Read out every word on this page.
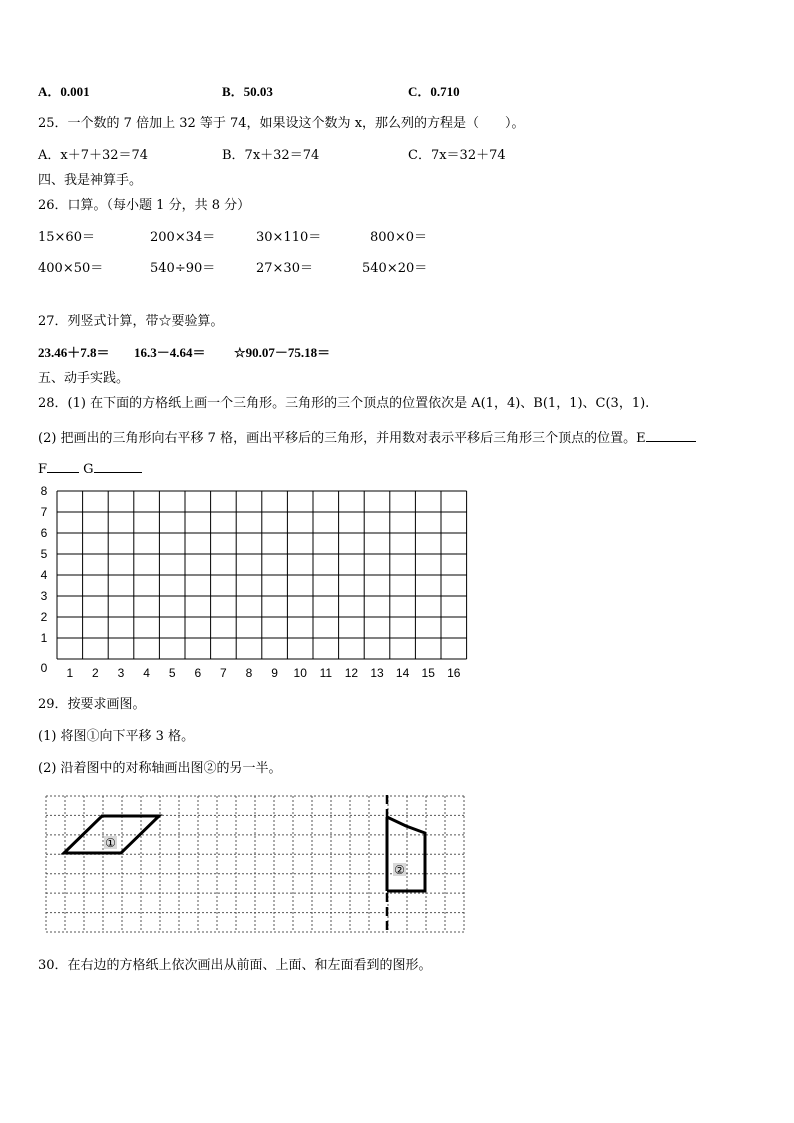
A．0.001	B．50.03	C．0.710
25．一个数的 7 倍加上 32 等于 74，如果设这个数为 x，那么列的方程是（　　）。
A．x＋7＋32＝74	B．7x＋32＝74	C．7x＝32＋74
四、我是神算手。
26．口算。（每小题 1 分，共 8 分）
15×60＝	200×34＝	30×110＝	800×0＝
400×50＝	540÷90＝	27×30＝	540×20＝
27．列竖式计算，带☆要验算。
23.46＋7.8＝ 16.3－4.64＝ ☆90.07－75.18＝
五、动手实践。
28．(1) 在下面的方格纸上画一个三角形。三角形的三个顶点的位置依次是 A(1，4)、B(1，1)、C(3，1).
(2) 把画出的三角形向右平移 7 格，画出平移后的三角形，并用数对表示平移后三角形三个顶点的位置。E
F	G
8
7
6
5
4
3
2
1
0 1 2 3 4 5 6 7 8 9 10 11 12 13 14 15 16
29．按要求画图。
(1) 将图①向下平移 3 格。
(2) 沿着图中的对称轴画出图②的另一半。
①
②
30．在右边的方格纸上依次画出从前面、上面、和左面看到的图形。
